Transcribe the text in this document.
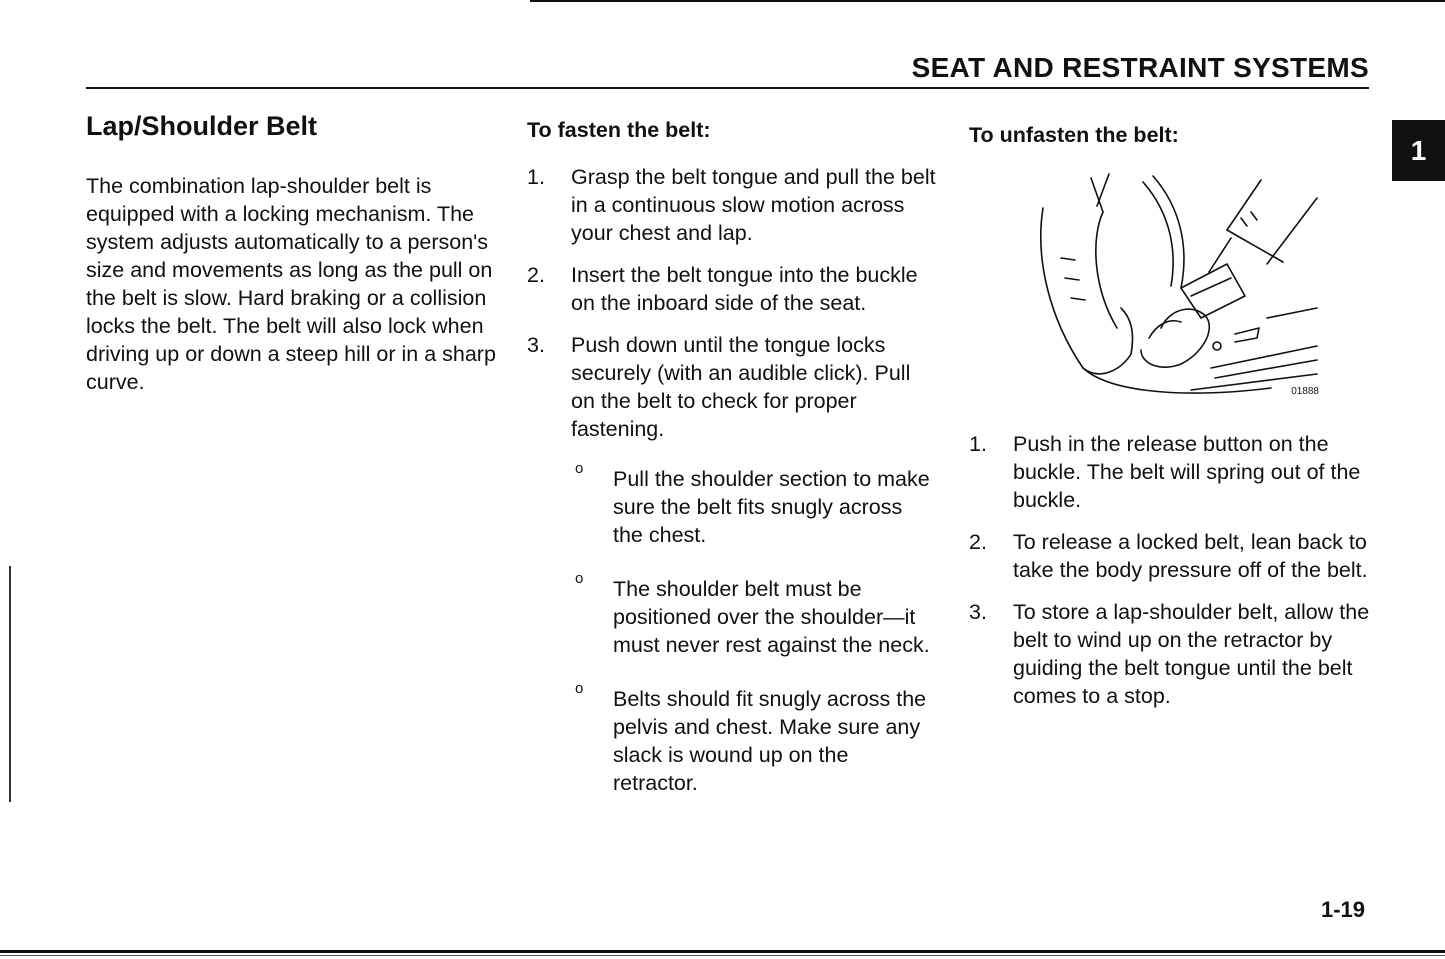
SEAT AND RESTRAINT SYSTEMS
1
Lap/Shoulder Belt

The combination lap-shoulder belt is equipped with a locking mechanism. The system adjusts automatically to a person's size and movements as long as the pull on the belt is slow. Hard braking or a collision locks the belt. The belt will also lock when driving up or down a steep hill or in a sharp curve.

To fasten the belt:
1. Grasp the belt tongue and pull the belt in a continuous slow motion across your chest and lap.
2. Insert the belt tongue into the buckle on the inboard side of the seat.
3. Push down until the tongue locks securely (with an audible click). Pull on the belt to check for proper fastening.
o Pull the shoulder section to make sure the belt fits snugly across the chest.
o The shoulder belt must be positioned over the shoulder—it must never rest against the neck.
o Belts should fit snugly across the pelvis and chest. Make sure any slack is wound up on the retractor.
To unfasten the belt:
01888
1. Push in the release button on the buckle. The belt will spring out of the buckle.
2. To release a locked belt, lean back to take the body pressure off of the belt.
3. To store a lap-shoulder belt, allow the belt to wind up on the retractor by guiding the belt tongue until the belt comes to a stop.
1-19
